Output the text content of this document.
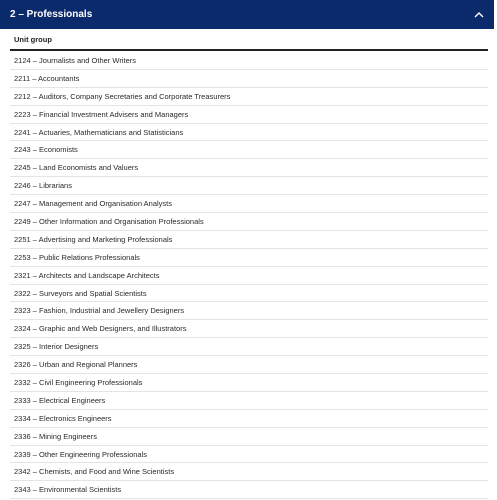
2 – Professionals
Unit group
2124 – Journalists and Other Writers
2211 – Accountants
2212 – Auditors, Company Secretaries and Corporate Treasurers
2223 – Financial Investment Advisers and Managers
2241 – Actuaries, Mathematicians and Statisticians
2243 – Economists
2245 – Land Economists and Valuers
2246 – Librarians
2247 – Management and Organisation Analysts
2249 – Other Information and Organisation Professionals
2251 – Advertising and Marketing Professionals
2253 – Public Relations Professionals
2321 – Architects and Landscape Architects
2322 – Surveyors and Spatial Scientists
2323 – Fashion, Industrial and Jewellery Designers
2324 – Graphic and Web Designers, and Illustrators
2325 – Interior Designers
2326 – Urban and Regional Planners
2332 – Civil Engineering Professionals
2333 – Electrical Engineers
2334 – Electronics Engineers
2336 – Mining Engineers
2339 – Other Engineering Professionals
2342 – Chemists, and Food and Wine Scientists
2343 – Environmental Scientists
